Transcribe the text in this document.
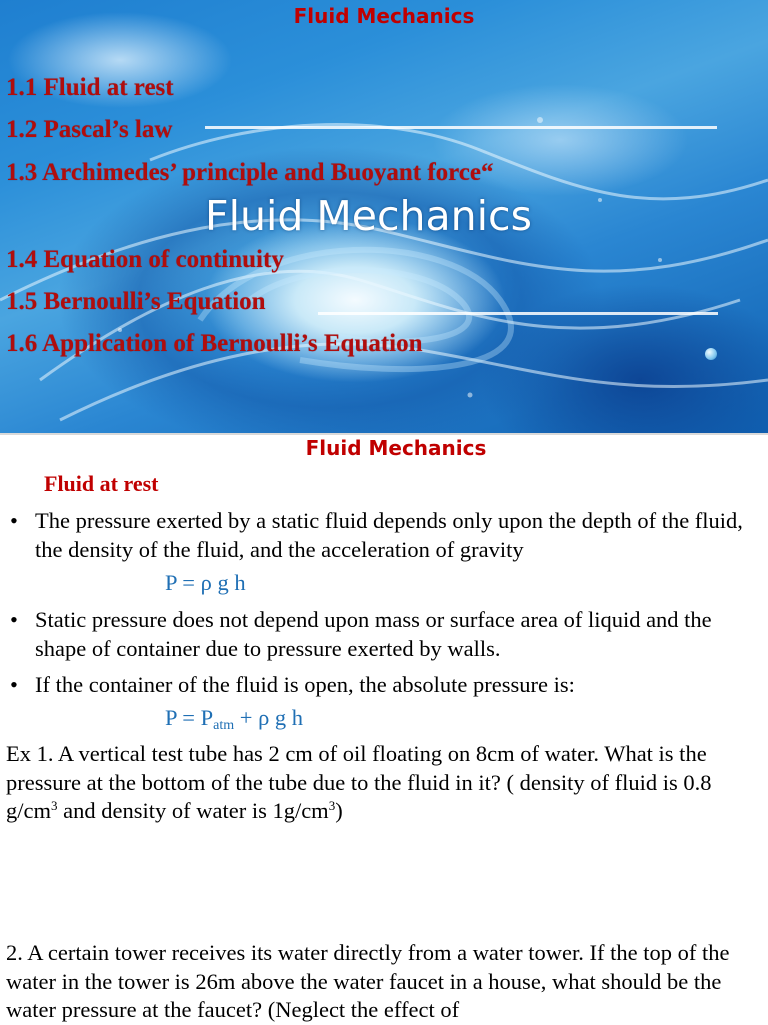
Fluid Mechanics
1.1 Fluid at rest
1.2 Pascal’s law
1.3 Archimedes’ principle and Buoyant force“
Fluid Mechanics
1.4 Equation of continuity
1.5 Bernoulli’s Equation
1.6 Application of Bernoulli’s Equation
Fluid Mechanics
Fluid at rest
• The pressure exerted by a static fluid depends only upon the depth of the fluid, the density of the fluid, and the acceleration of gravity
P = ρ g h
• Static pressure does not depend upon mass or surface area of liquid and the shape of container due to pressure exerted by walls.
• If the container of the fluid is open, the absolute pressure is:
$P = P_{atm} + \rho$ g h
Ex 1. A vertical test tube has 2 cm of oil floating on 8cm of water. What is the pressure at the bottom of the tube due to the fluid in it? ( density of fluid is 0.8 $g/cm^3$ and density of water is $1g/cm^3$)
2. A certain tower receives its water directly from a water tower. If the top of the water in the tower is 26m above the water faucet in a house, what should be the water pressure at the faucet? (Neglect the effect of
